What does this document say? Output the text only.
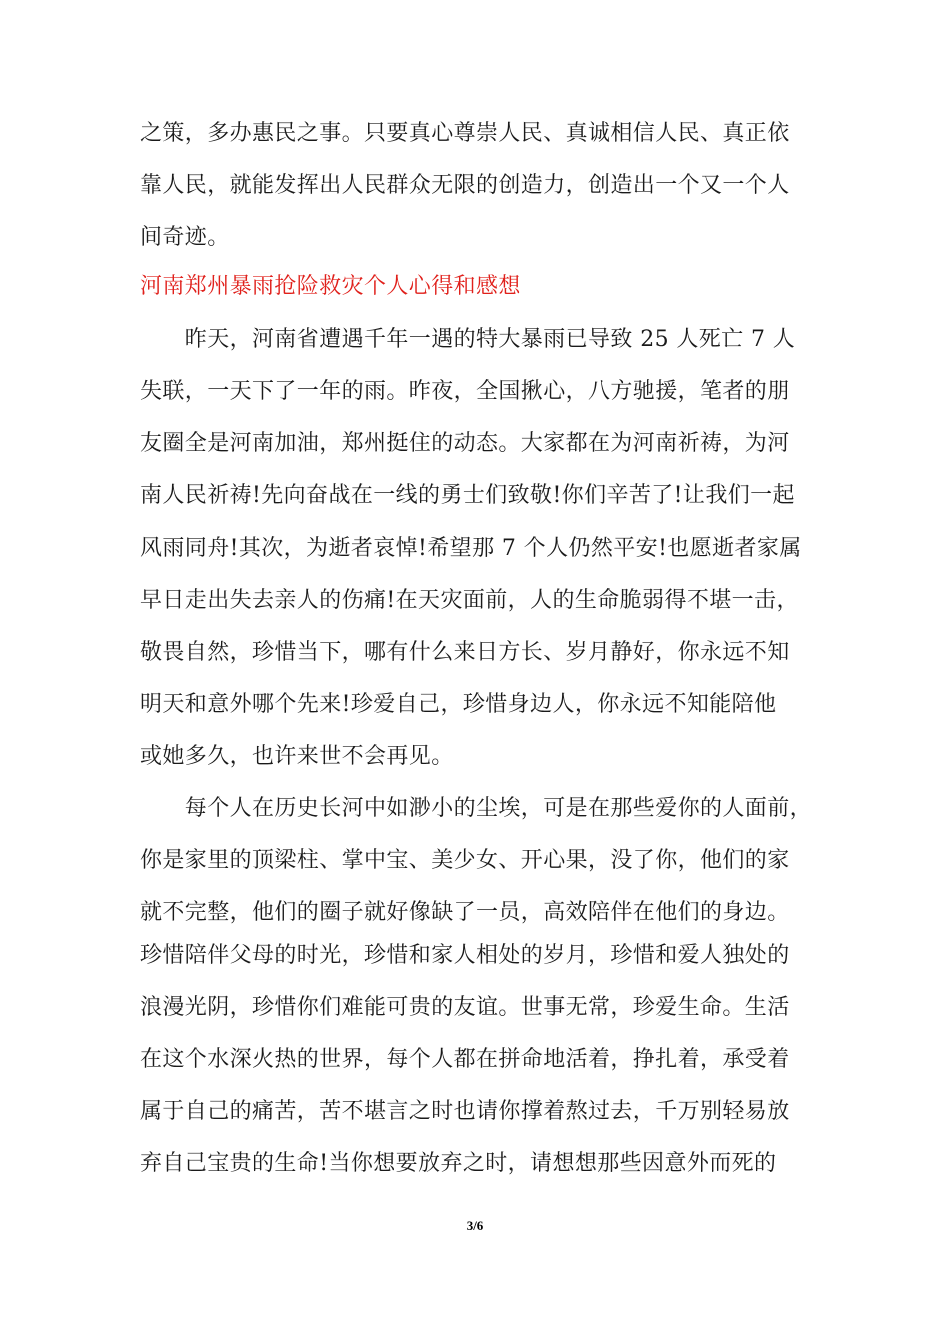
之策，多办惠民之事。只要真心尊崇人民、真诚相信人民、真正依
靠人民，就能发挥出人民群众无限的创造力，创造出一个又一个人
间奇迹。
河南郑州暴雨抢险救灾个人心得和感想
　　昨天，河南省遭遇千年一遇的特大暴雨已导致 25 人死亡 7 人
失联，一天下了一年的雨。昨夜，全国揪心，八方驰援，笔者的朋
友圈全是河南加油，郑州挺住的动态。大家都在为河南祈祷，为河
南人民祈祷!先向奋战在一线的勇士们致敬!你们辛苦了!让我们一起
风雨同舟!其次，为逝者哀悼!希望那 7 个人仍然平安!也愿逝者家属
早日走出失去亲人的伤痛!在天灾面前，人的生命脆弱得不堪一击，
敬畏自然，珍惜当下，哪有什么来日方长、岁月静好，你永远不知
明天和意外哪个先来!珍爱自己，珍惜身边人，你永远不知能陪他
或她多久，也许来世不会再见。
　　每个人在历史长河中如渺小的尘埃，可是在那些爱你的人面前，
你是家里的顶梁柱、掌中宝、美少女、开心果，没了你，他们的家
就不完整，他们的圈子就好像缺了一员，高效陪伴在他们的身边。
珍惜陪伴父母的时光，珍惜和家人相处的岁月，珍惜和爱人独处的
浪漫光阴，珍惜你们难能可贵的友谊。世事无常，珍爱生命。生活
在这个水深火热的世界，每个人都在拼命地活着，挣扎着，承受着
属于自己的痛苦，苦不堪言之时也请你撑着熬过去，千万别轻易放
弃自己宝贵的生命!当你想要放弃之时，请想想那些因意外而死的
3/6
